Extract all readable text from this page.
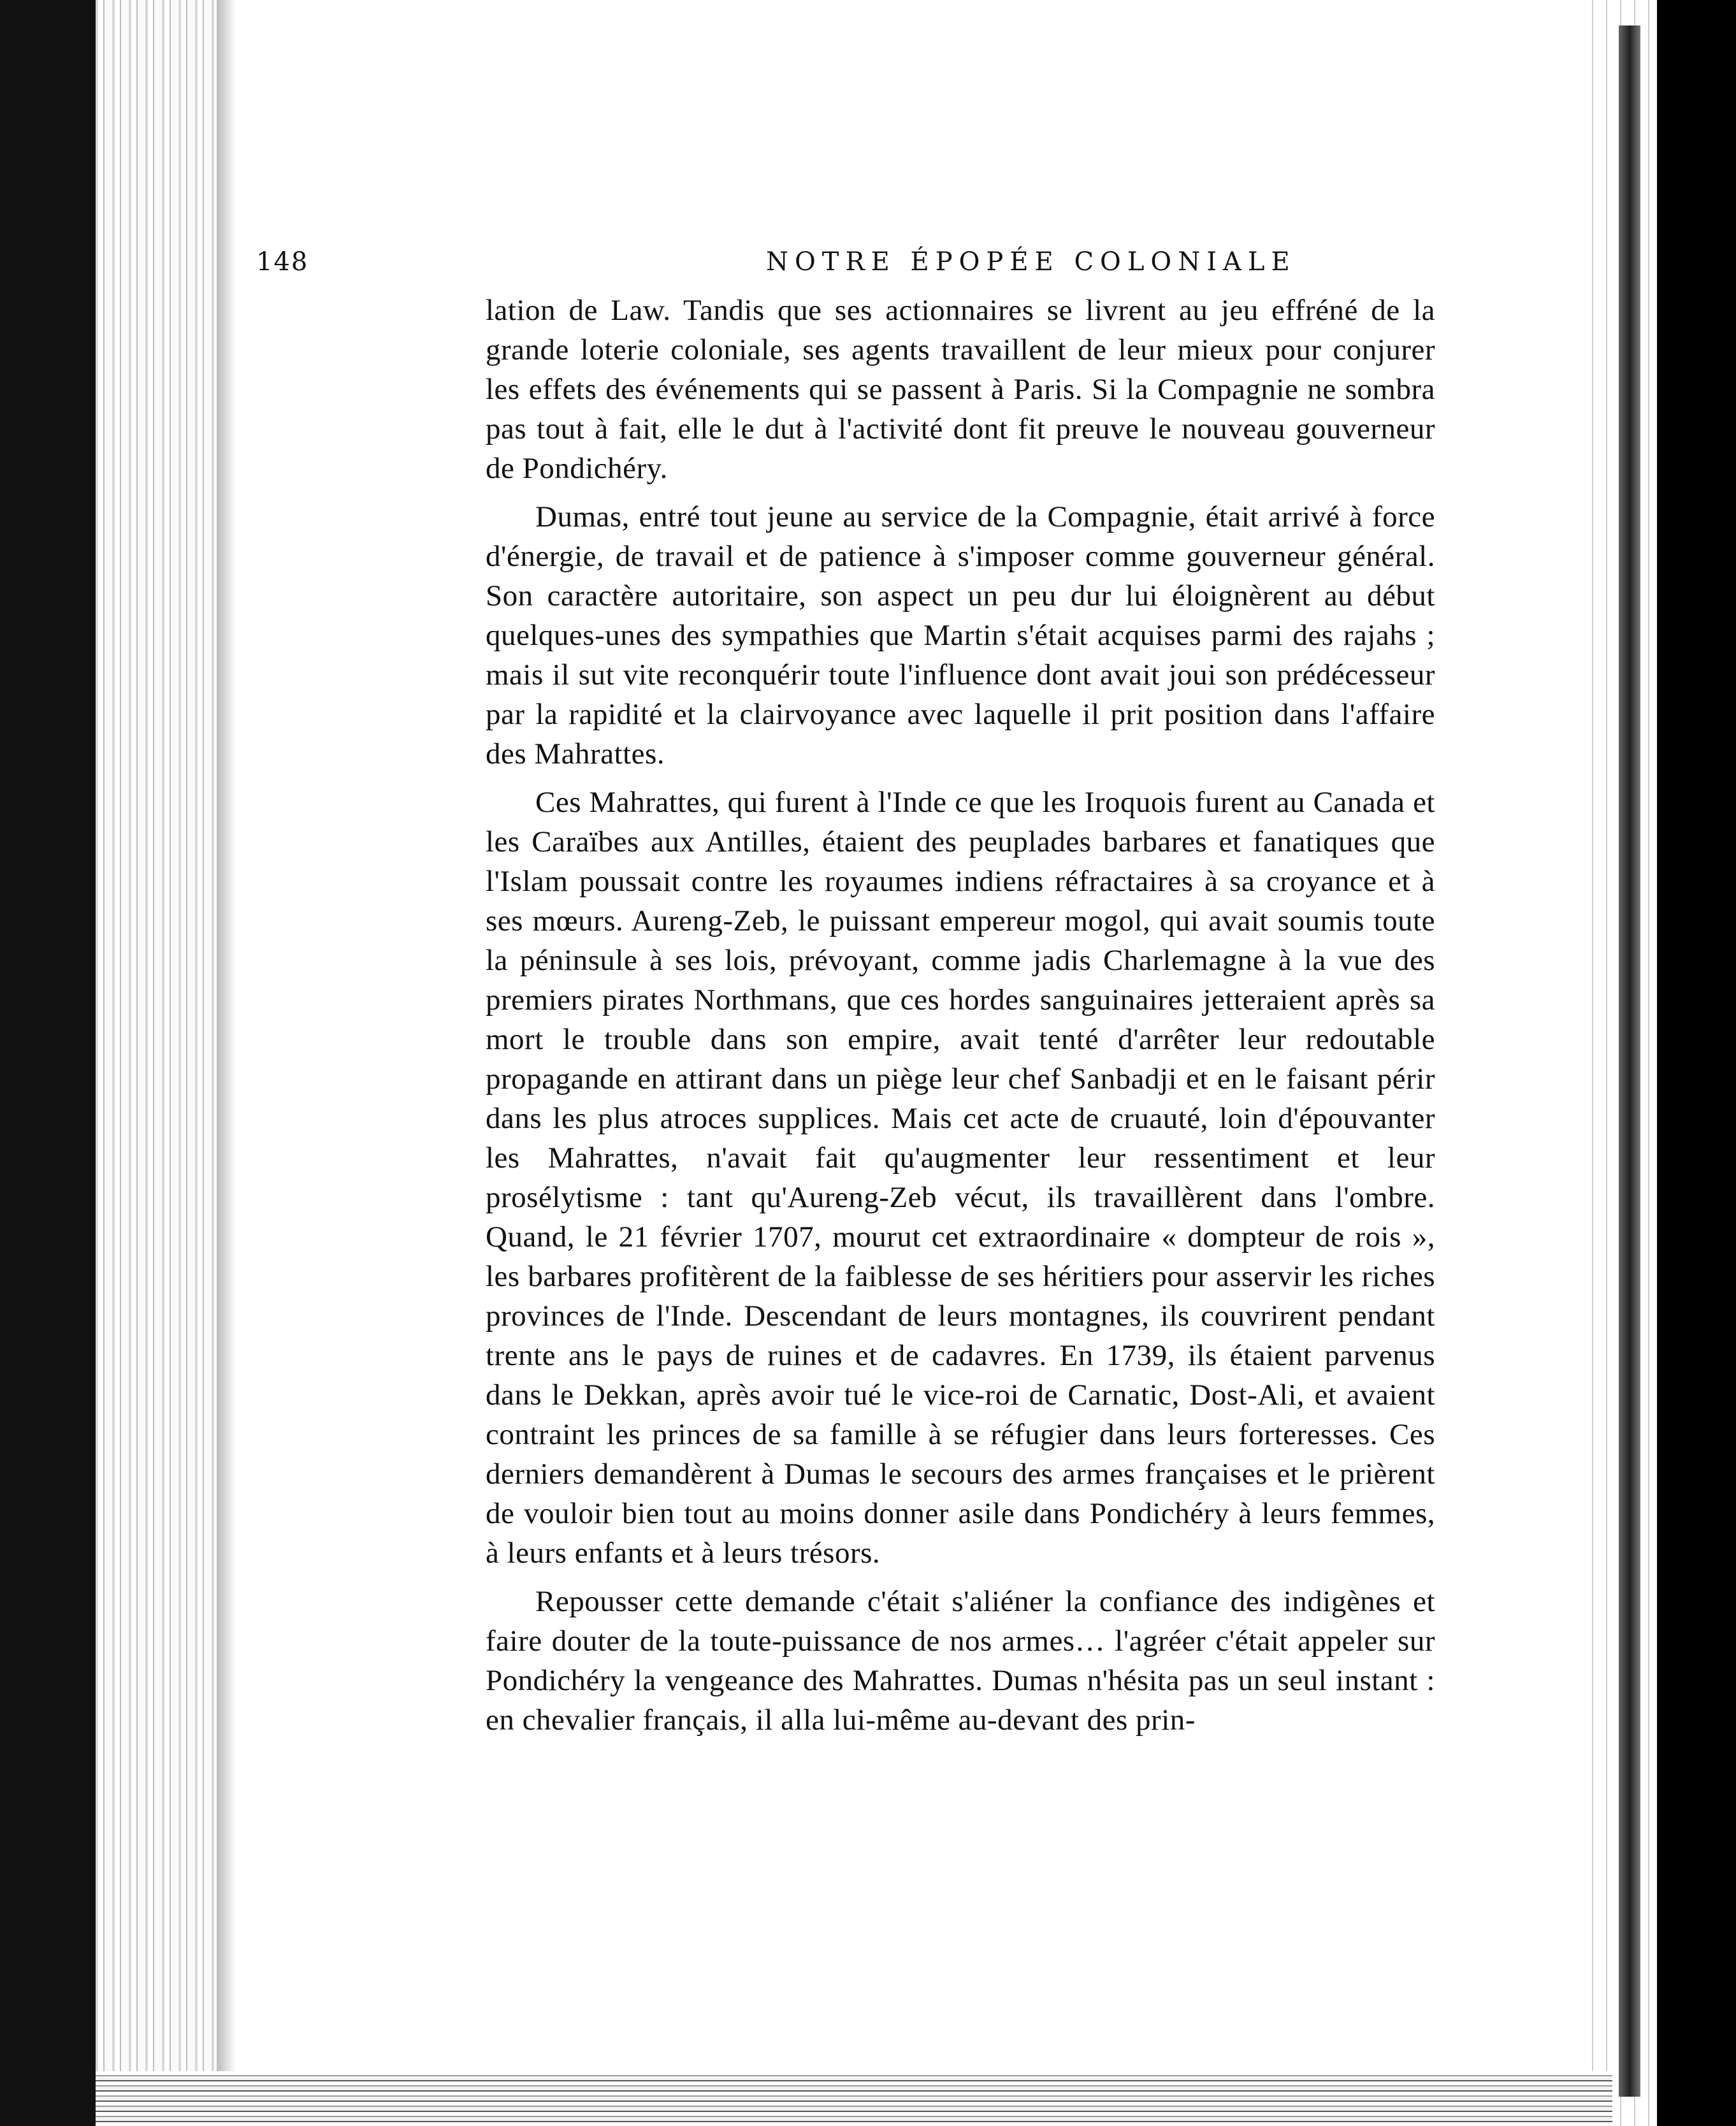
148	NOTRE ÉPOPÉE COLONIALE

lation de Law. Tandis que ses actionnaires se livrent au jeu effréné de la grande loterie coloniale, ses agents travaillent de leur mieux pour conjurer les effets des événements qui se passent à Paris. Si la Compagnie ne sombra pas tout à fait, elle le dut à l'activité dont fit preuve le nouveau gouverneur de Pondichéry.

Dumas, entré tout jeune au service de la Compagnie, était arrivé à force d'énergie, de travail et de patience à s'imposer comme gouverneur général. Son caractère autoritaire, son aspect un peu dur lui éloignèrent au début quelques-unes des sympathies que Martin s'était acquises parmi des rajahs ; mais il sut vite reconquérir toute l'influence dont avait joui son prédécesseur par la rapidité et la clairvoyance avec laquelle il prit position dans l'affaire des Mahrattes.

Ces Mahrattes, qui furent à l'Inde ce que les Iroquois furent au Canada et les Caraïbes aux Antilles, étaient des peuplades barbares et fanatiques que l'Islam poussait contre les royaumes indiens réfractaires à sa croyance et à ses mœurs. Aureng-Zeb, le puissant empereur mogol, qui avait soumis toute la péninsule à ses lois, prévoyant, comme jadis Charlemagne à la vue des premiers pirates Northmans, que ces hordes sanguinaires jetteraient après sa mort le trouble dans son empire, avait tenté d'arrêter leur redoutable propagande en attirant dans un piège leur chef Sanbadji et en le faisant périr dans les plus atroces supplices. Mais cet acte de cruauté, loin d'épouvanter les Mahrattes, n'avait fait qu'augmenter leur ressentiment et leur prosélytisme : tant qu'Aureng-Zeb vécut, ils travaillèrent dans l'ombre. Quand, le 21 février 1707, mourut cet extraordinaire « dompteur de rois », les barbares profitèrent de la faiblesse de ses héritiers pour asservir les riches provinces de l'Inde. Descendant de leurs montagnes, ils couvrirent pendant trente ans le pays de ruines et de cadavres. En 1739, ils étaient parvenus dans le Dekkan, après avoir tué le vice-roi de Carnatic, Dost-Ali, et avaient contraint les princes de sa famille à se réfugier dans leurs forteresses. Ces derniers demandèrent à Dumas le secours des armes françaises et le prièrent de vouloir bien tout au moins donner asile dans Pondichéry à leurs femmes, à leurs enfants et à leurs trésors.

Repousser cette demande c'était s'aliéner la confiance des indigènes et faire douter de la toute-puissance de nos armes… l'agréer c'était appeler sur Pondichéry la vengeance des Mahrattes. Dumas n'hésita pas un seul instant : en chevalier français, il alla lui-même au-devant des prin-
